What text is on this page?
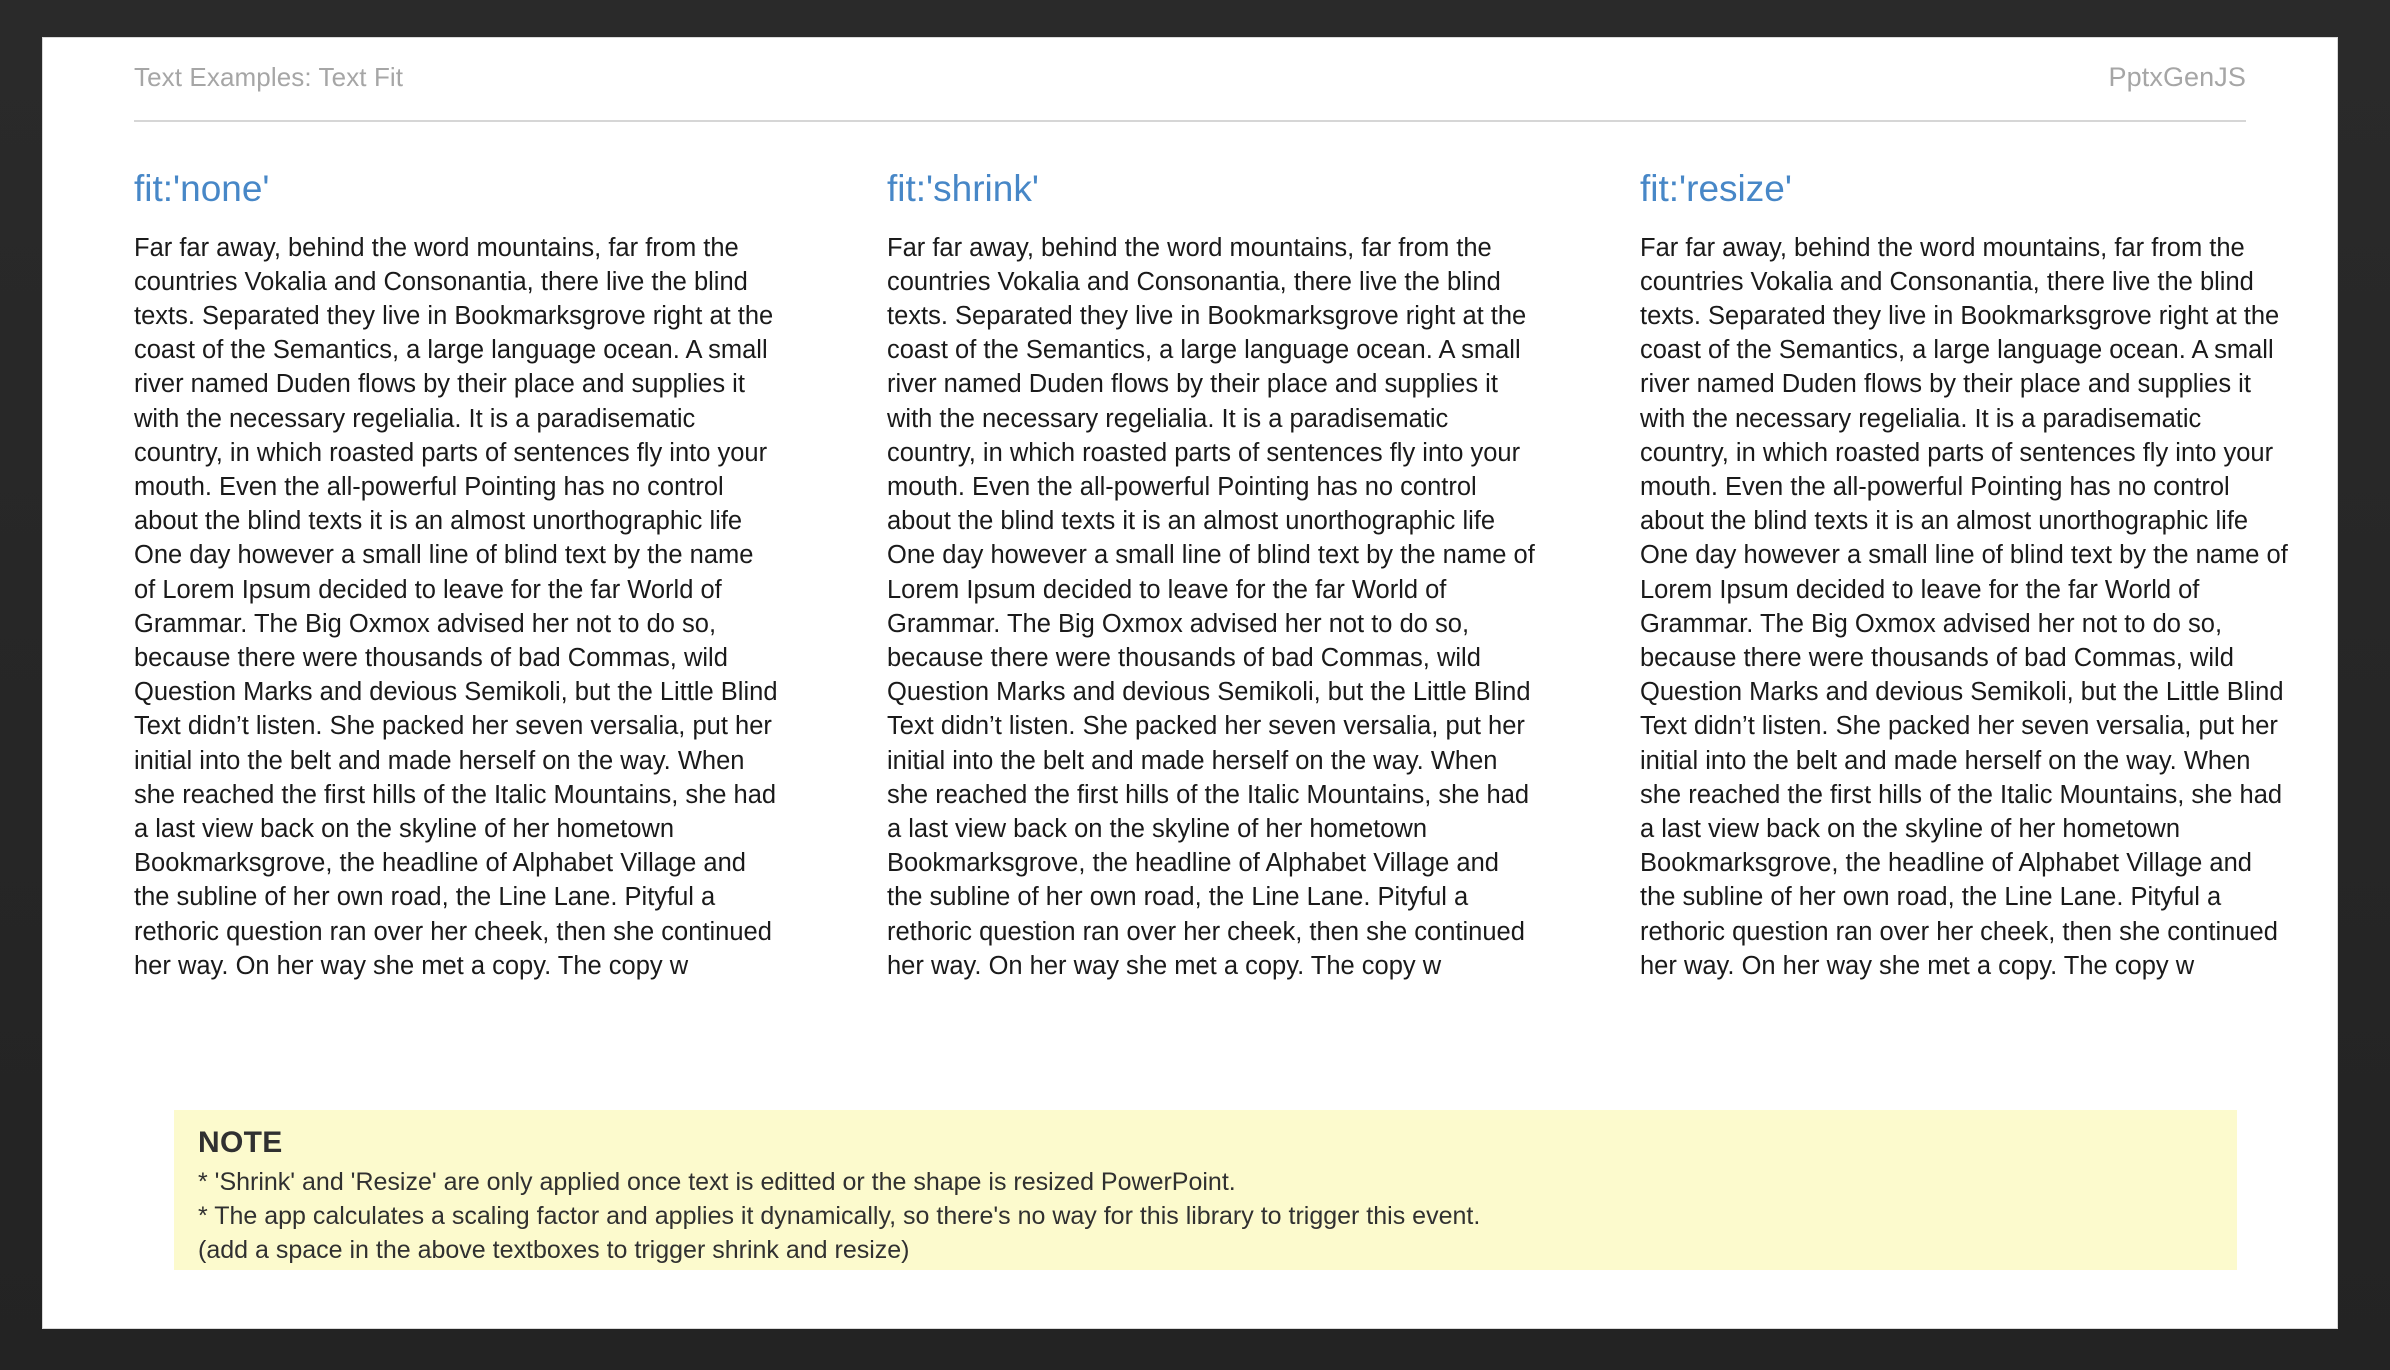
Text Examples: Text Fit	PptxGenJS
fit:'none'

Far far away, behind the word mountains, far from the countries Vokalia and Consonantia, there live the blind texts. Separated they live in Bookmarksgrove right at the coast of the Semantics, a large language ocean. A small river named Duden flows by their place and supplies it with the necessary regelialia. It is a paradisematic country, in which roasted parts of sentences fly into your mouth. Even the all-powerful Pointing has no control about the blind texts it is an almost unorthographic life One day however a small line of blind text by the name of Lorem Ipsum decided to leave for the far World of Grammar. The Big Oxmox advised her not to do so, because there were thousands of bad Commas, wild Question Marks and devious Semikoli, but the Little Blind Text didn’t listen. She packed her seven versalia, put her initial into the belt and made herself on the way. When she reached the first hills of the Italic Mountains, she had a last view back on the skyline of her hometown Bookmarksgrove, the headline of Alphabet Village and the subline of her own road, the Line Lane. Pityful a rethoric question ran over her cheek, then she continued her way. On her way she met a copy. The copy w

fit:'shrink'

Far far away, behind the word mountains, far from the countries Vokalia and Consonantia, there live the blind texts. Separated they live in Bookmarksgrove right at the coast of the Semantics, a large language ocean. A small river named Duden flows by their place and supplies it with the necessary regelialia. It is a paradisematic country, in which roasted parts of sentences fly into your mouth. Even the all-powerful Pointing has no control about the blind texts it is an almost unorthographic life One day however a small line of blind text by the name of Lorem Ipsum decided to leave for the far World of Grammar. The Big Oxmox advised her not to do so, because there were thousands of bad Commas, wild Question Marks and devious Semikoli, but the Little Blind Text didn’t listen. She packed her seven versalia, put her initial into the belt and made herself on the way. When she reached the first hills of the Italic Mountains, she had a last view back on the skyline of her hometown Bookmarksgrove, the headline of Alphabet Village and the subline of her own road, the Line Lane. Pityful a rethoric question ran over her cheek, then she continued her way. On her way she met a copy. The copy w

fit:'resize'

Far far away, behind the word mountains, far from the countries Vokalia and Consonantia, there live the blind texts. Separated they live in Bookmarksgrove right at the coast of the Semantics, a large language ocean. A small river named Duden flows by their place and supplies it with the necessary regelialia. It is a paradisematic country, in which roasted parts of sentences fly into your mouth. Even the all-powerful Pointing has no control about the blind texts it is an almost unorthographic life One day however a small line of blind text by the name of Lorem Ipsum decided to leave for the far World of Grammar. The Big Oxmox advised her not to do so, because there were thousands of bad Commas, wild Question Marks and devious Semikoli, but the Little Blind Text didn’t listen. She packed her seven versalia, put her initial into the belt and made herself on the way. When she reached the first hills of the Italic Mountains, she had a last view back on the skyline of her hometown Bookmarksgrove, the headline of Alphabet Village and the subline of her own road, the Line Lane. Pityful a rethoric question ran over her cheek, then she continued her way. On her way she met a copy. The copy w

NOTE
* 'Shrink' and 'Resize' are only applied once text is editted or the shape is resized PowerPoint.
* The app calculates a scaling factor and applies it dynamically, so there's no way for this library to trigger this event.
(add a space in the above textboxes to trigger shrink and resize)
